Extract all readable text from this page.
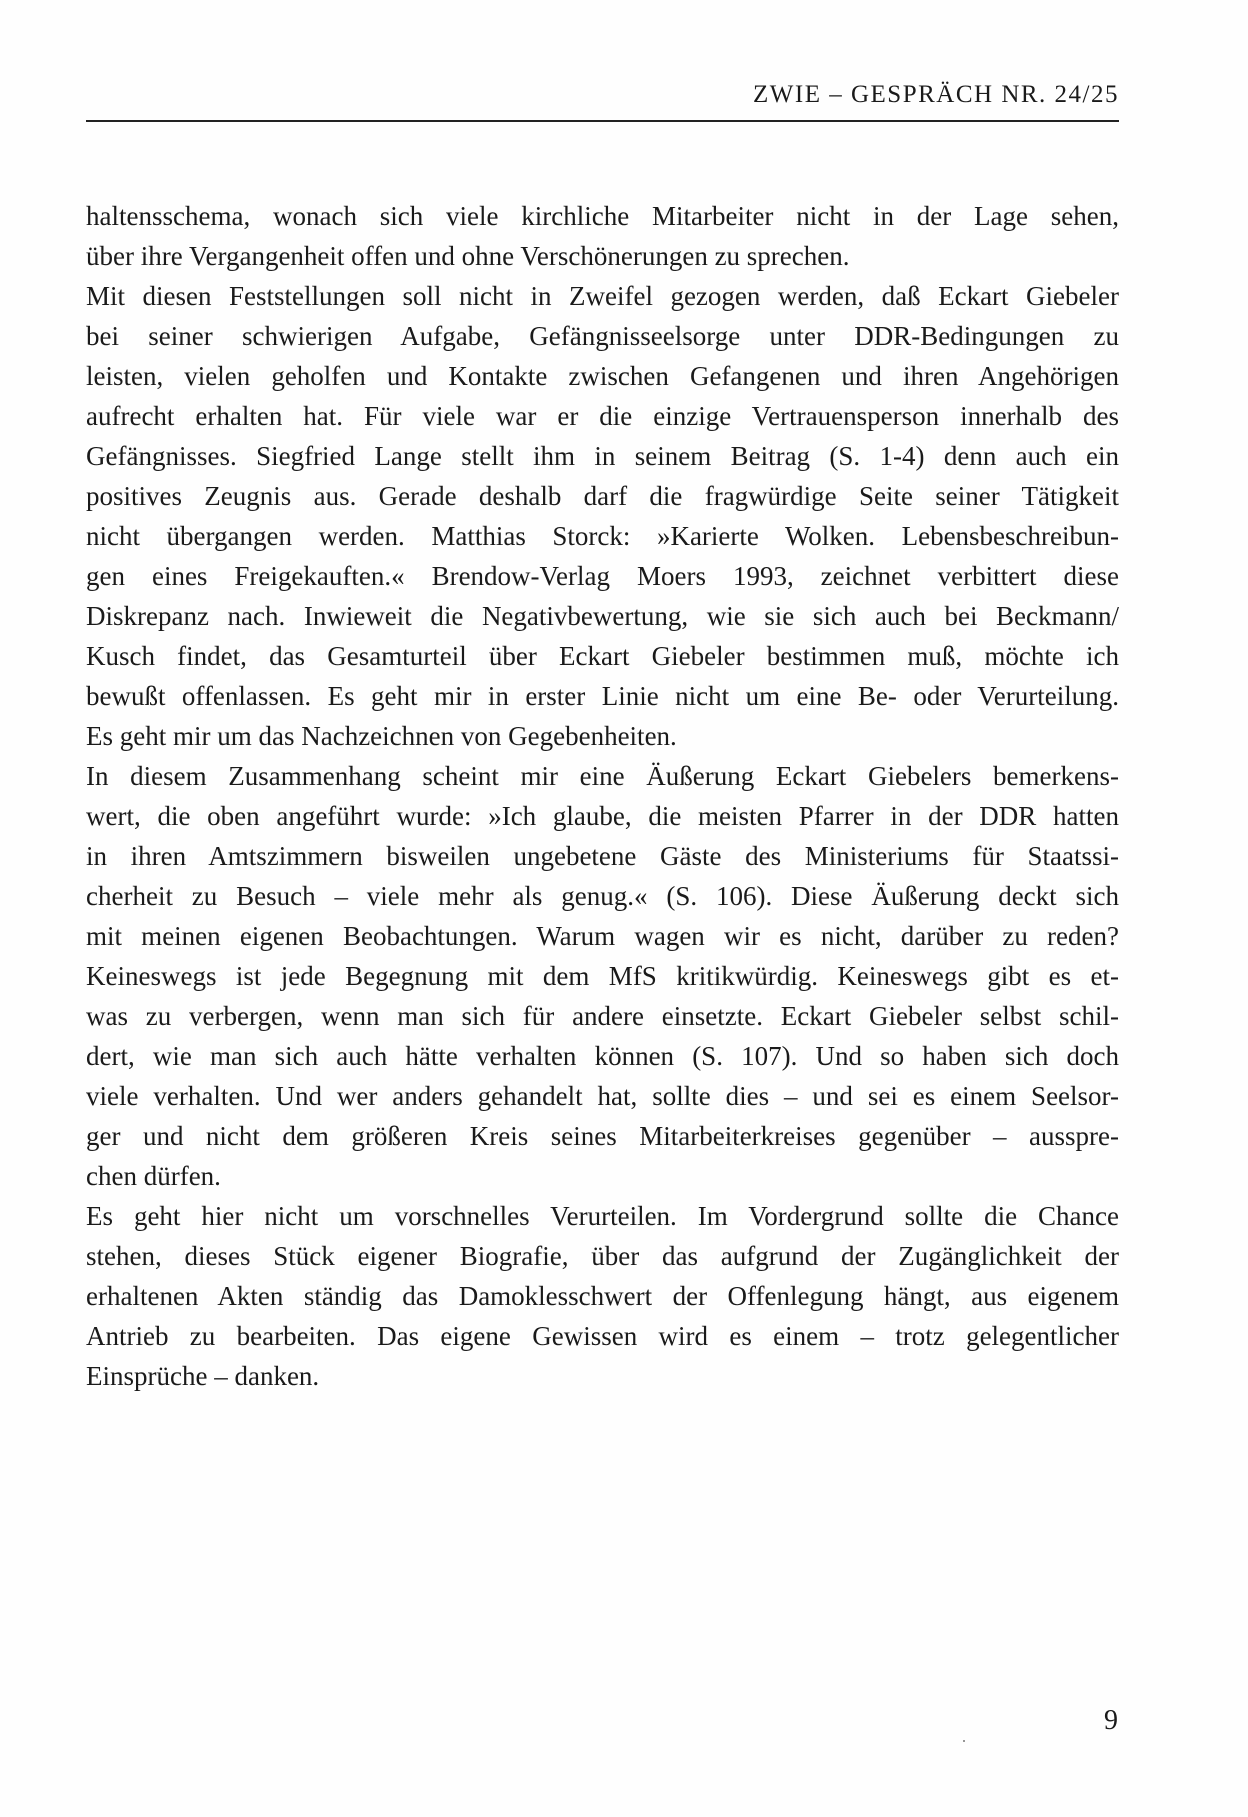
ZWIE – GESPRÄCH NR. 24/25
haltensschema, wonach sich viele kirchliche Mitarbeiter nicht in der Lage sehen,
über ihre Vergangenheit offen und ohne Verschönerungen zu sprechen.
Mit diesen Feststellungen soll nicht in Zweifel gezogen werden, daß Eckart Giebeler
bei seiner schwierigen Aufgabe, Gefängnisseelsorge unter DDR-Bedingungen zu
leisten, vielen geholfen und Kontakte zwischen Gefangenen und ihren Angehörigen
aufrecht erhalten hat. Für viele war er die einzige Vertrauensperson innerhalb des
Gefängnisses. Siegfried Lange stellt ihm in seinem Beitrag (S. 1-4) denn auch ein
positives Zeugnis aus. Gerade deshalb darf die fragwürdige Seite seiner Tätigkeit
nicht übergangen werden. Matthias Storck: »Karierte Wolken. Lebensbeschreibun-
gen eines Freigekauften.« Brendow-Verlag Moers 1993, zeichnet verbittert diese
Diskrepanz nach. Inwieweit die Negativbewertung, wie sie sich auch bei Beckmann/
Kusch findet, das Gesamturteil über Eckart Giebeler bestimmen muß, möchte ich
bewußt offenlassen. Es geht mir in erster Linie nicht um eine Be- oder Verurteilung.
Es geht mir um das Nachzeichnen von Gegebenheiten.
In diesem Zusammenhang scheint mir eine Äußerung Eckart Giebelers bemerkens-
wert, die oben angeführt wurde: »Ich glaube, die meisten Pfarrer in der DDR hatten
in ihren Amtszimmern bisweilen ungebetene Gäste des Ministeriums für Staatssi-
cherheit zu Besuch – viele mehr als genug.« (S. 106). Diese Äußerung deckt sich
mit meinen eigenen Beobachtungen. Warum wagen wir es nicht, darüber zu reden?
Keineswegs ist jede Begegnung mit dem MfS kritikwürdig. Keineswegs gibt es et-
was zu verbergen, wenn man sich für andere einsetzte. Eckart Giebeler selbst schil-
dert, wie man sich auch hätte verhalten können (S. 107). Und so haben sich doch
viele verhalten. Und wer anders gehandelt hat, sollte dies – und sei es einem Seelsor-
ger und nicht dem größeren Kreis seines Mitarbeiterkreises gegenüber – ausspre-
chen dürfen.
Es geht hier nicht um vorschnelles Verurteilen. Im Vordergrund sollte die Chance
stehen, dieses Stück eigener Biografie, über das aufgrund der Zugänglichkeit der
erhaltenen Akten ständig das Damoklesschwert der Offenlegung hängt, aus eigenem
Antrieb zu bearbeiten. Das eigene Gewissen wird es einem – trotz gelegentlicher
Einsprüche – danken.
9
